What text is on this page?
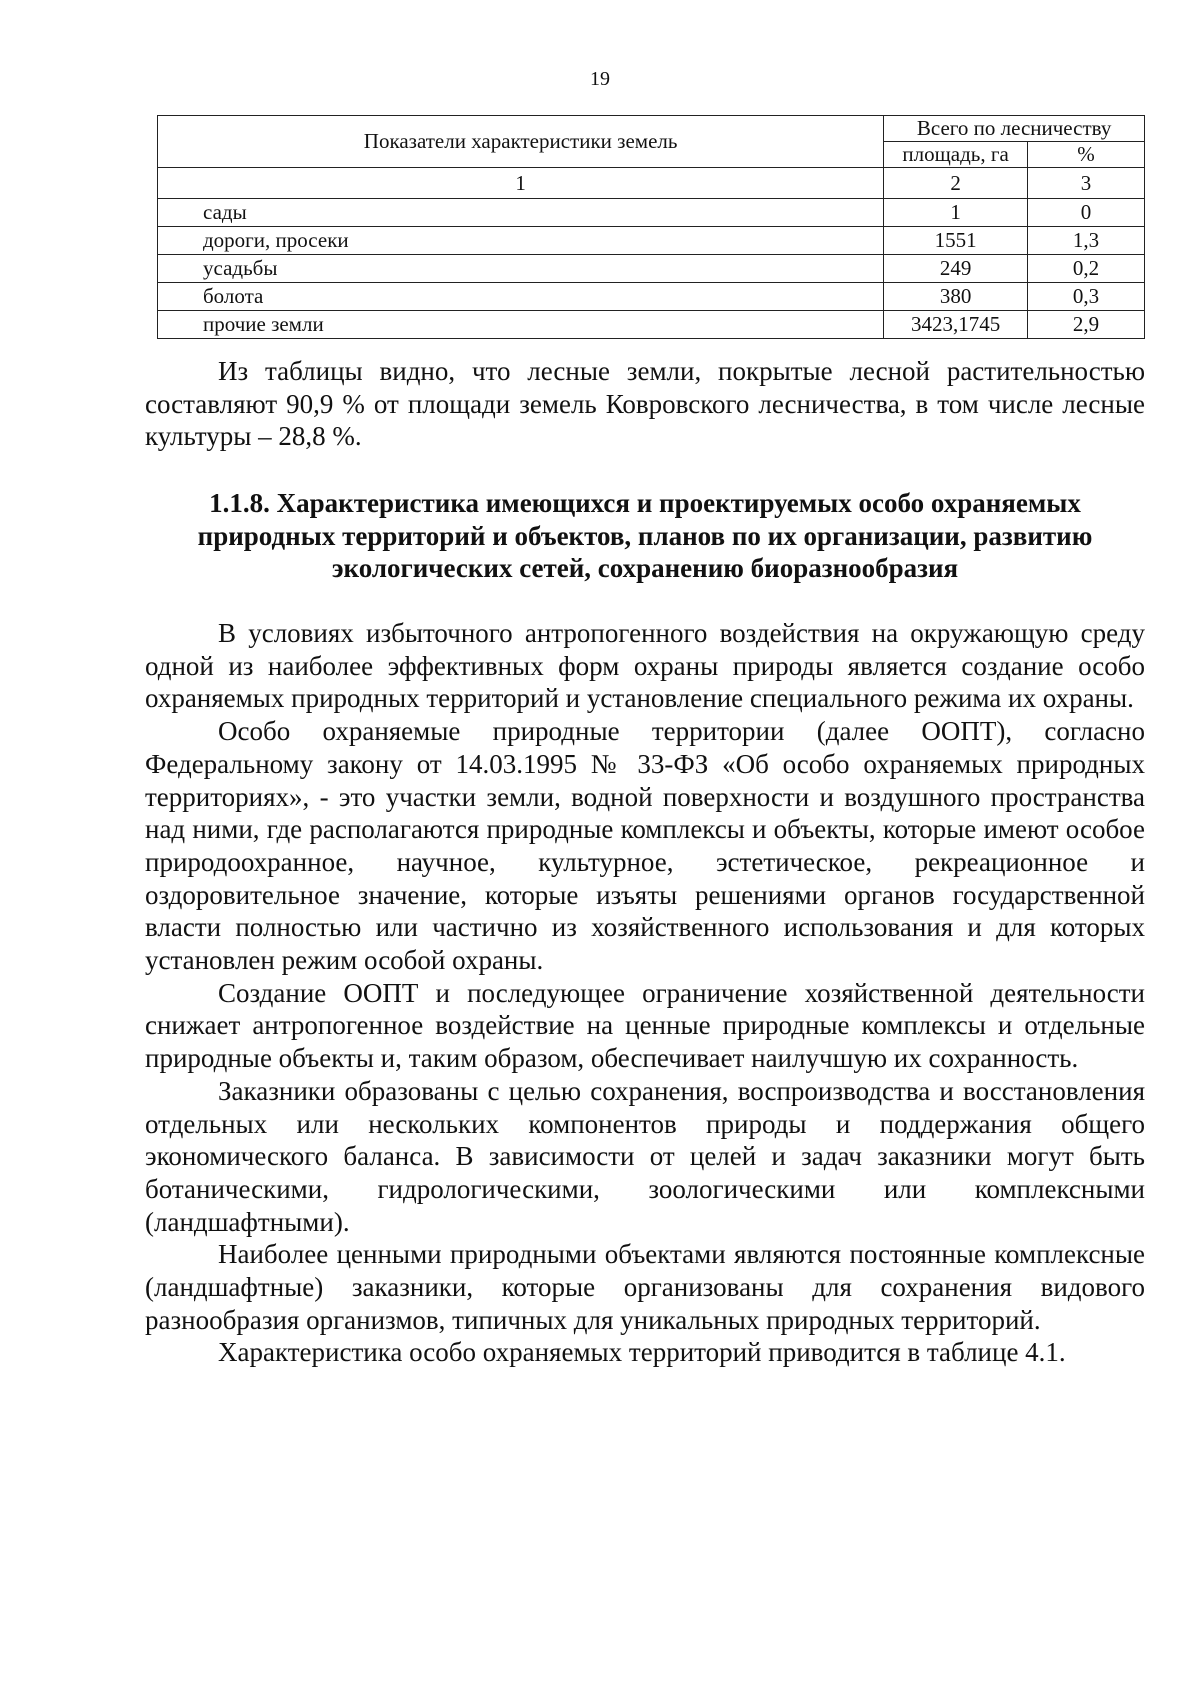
19
Показатели характеристики земель	Всего по лесничеству	
	площадь, га	%
1	2	3
сады	1	0
дороги, просеки	1551	1,3
усадьбы	249	0,2
болота	380	0,3
прочие земли	3423,1745	2,9

Из таблицы видно, что лесные земли, покрытые лесной растительностью составляют 90,9 % от площади земель Ковровского лесничества, в том числе лесные культуры – 28,8 %.

1.1.8. Характеристика имеющихся и проектируемых особо охраняемых природных территорий и объектов, планов по их организации, развитию экологических сетей, сохранению биоразнообразия

В условиях избыточного антропогенного воздействия на окружающую среду одной из наиболее эффективных форм охраны природы является создание особо охраняемых природных территорий и установление специального режима их охраны.

Особо охраняемые природные территории (далее ООПТ), согласно Федеральному закону от 14.03.1995 № 33-ФЗ «Об особо охраняемых природных территориях», - это участки земли, водной поверхности и воздушного пространства над ними, где располагаются природные комплексы и объекты, которые имеют особое природоохранное, научное, культурное, эстетическое, рекреационное и оздоровительное значение, которые изъяты решениями органов государственной власти полностью или частично из хозяйственного использования и для которых установлен режим особой охраны.

Создание ООПТ и последующее ограничение хозяйственной деятельности снижает антропогенное воздействие на ценные природные комплексы и отдельные природные объекты и, таким образом, обеспечивает наилучшую их сохранность.

Заказники образованы с целью сохранения, воспроизводства и восстановления отдельных или нескольких компонентов природы и поддержания общего экономического баланса. В зависимости от целей и задач заказники могут быть ботаническими, гидрологическими, зоологическими или комплексными (ландшафтными).

Наиболее ценными природными объектами являются постоянные комплексные (ландшафтные) заказники, которые организованы для сохранения видового разнообразия организмов, типичных для уникальных природных территорий.

Характеристика особо охраняемых территорий приводится в таблице 4.1.
